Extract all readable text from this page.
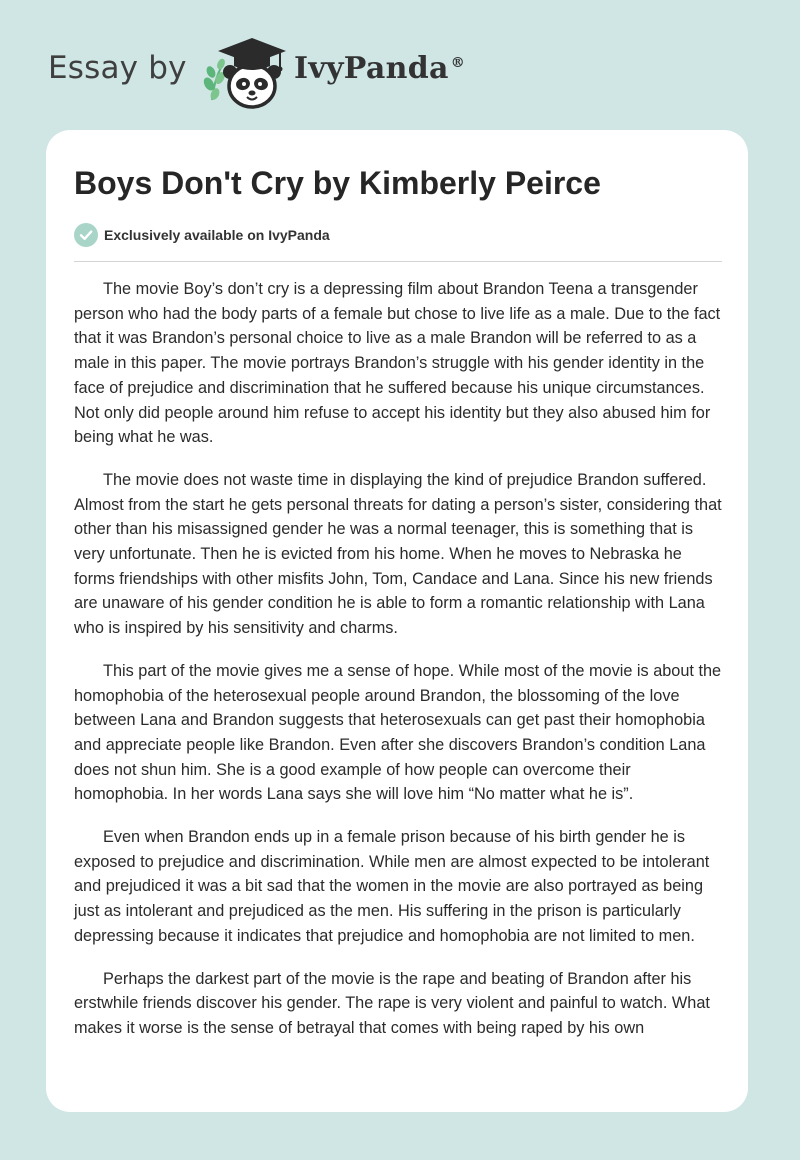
Essay by	IvyPanda ®
Boys Don't Cry by Kimberly Peirce
Exclusively available on IvyPanda

The movie Boy’s don’t cry is a depressing film about Brandon Teena a transgender person who had the body parts of a female but chose to live life as a male. Due to the fact that it was Brandon’s personal choice to live as a male Brandon will be referred to as a male in this paper. The movie portrays Brandon’s struggle with his gender identity in the face of prejudice and discrimination that he suffered because his unique circumstances. Not only did people around him refuse to accept his identity but they also abused him for being what he was.

The movie does not waste time in displaying the kind of prejudice Brandon suffered. Almost from the start he gets personal threats for dating a person’s sister, considering that other than his misassigned gender he was a normal teenager, this is something that is very unfortunate. Then he is evicted from his home. When he moves to Nebraska he forms friendships with other misfits John, Tom, Candace and Lana. Since his new friends are unaware of his gender condition he is able to form a romantic relationship with Lana who is inspired by his sensitivity and charms.

This part of the movie gives me a sense of hope. While most of the movie is about the homophobia of the heterosexual people around Brandon, the blossoming of the love between Lana and Brandon suggests that heterosexuals can get past their homophobia and appreciate people like Brandon. Even after she discovers Brandon’s condition Lana does not shun him. She is a good example of how people can overcome their homophobia. In her words Lana says she will love him “No matter what he is”.

Even when Brandon ends up in a female prison because of his birth gender he is exposed to prejudice and discrimination. While men are almost expected to be intolerant and prejudiced it was a bit sad that the women in the movie are also portrayed as being just as intolerant and prejudiced as the men. His suffering in the prison is particularly depressing because it indicates that prejudice and homophobia are not limited to men.

Perhaps the darkest part of the movie is the rape and beating of Brandon after his erstwhile friends discover his gender. The rape is very violent and painful to watch. What makes it worse is the sense of betrayal that comes with being raped by his own
